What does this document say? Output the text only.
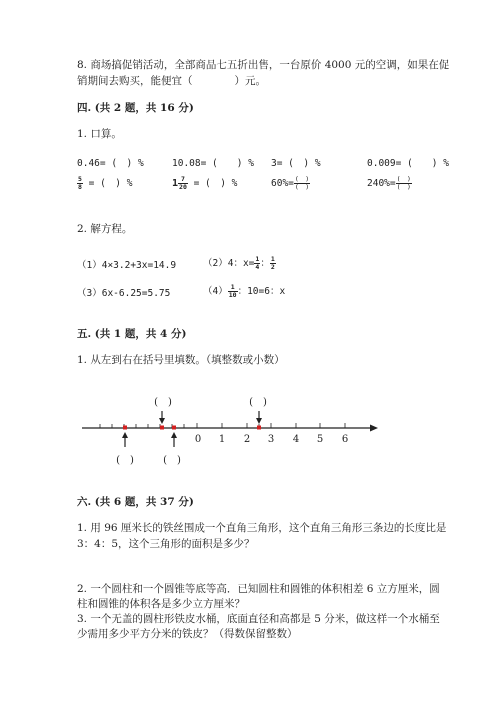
8. 商场搞促销活动，全部商品七五折出售，一台原价 4000 元的空调，如果在促
销期间去购买，能便宜（　　　　）元。
四. (共 2 题，共 16 分)
1. 口算。
0.46= (　) %	10.08= (　　) % 3= (　) %	0.009= (　　) %
$\frac{5}{8}$ = (　) %	$1 \frac{7}{20}$ = (　) %	$60\%= \frac{( )}{( )}$	$240\%= \frac{( )}{( )}$
2. 解方程。
（1）4×3.2+3x=14.9	（2）4：$x= \frac{1}{4}$ ： $\frac{1}{2}$
（3）6x-6.25=5.75	$(4) \frac{1}{10}$ ：10=6：x
五. (共 1 题，共 4 分)
1. 从左到右在括号里填数。（填整数或小数）
0 1 2 3 4 5 6
(　)	(　)
(　)	(　)
六. (共 6 题，共 37 分)
1. 用 96 厘米长的铁丝围成一个直角三角形，这个直角三角形三条边的长度比是
3：4：5，这个三角形的面积是多少？
2. 一个圆柱和一个圆锥等底等高．已知圆柱和圆锥的体积相差 6 立方厘米，圆
柱和圆锥的体积各是多少立方厘米？
3. 一个无盖的圆柱形铁皮水桶，底面直径和高都是 5 分米，做这样一个水桶至
少需用多少平方分米的铁皮？（得数保留整数）
